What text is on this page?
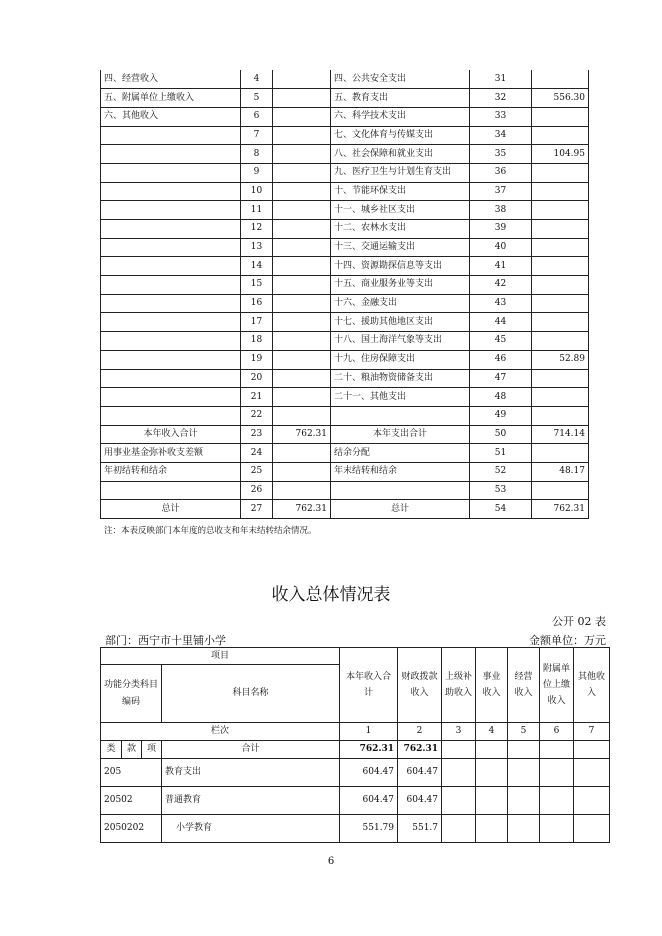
四、经营收入	4		四、公共安全支出	31	
五、附属单位上缴收入	5		五、教育支出	32	556.30
六、其他收入	6		六、科学技术支出	33	
	7		七、文化体育与传媒支出	34	
	8		八、社会保障和就业支出	35	104.95
	9		九、医疗卫生与计划生育支出	36	
	10		十、节能环保支出	37	
	11		十一、城乡社区支出	38	
	12		十二、农林水支出	39	
	13		十三、交通运输支出	40	
	14		十四、资源勘探信息等支出	41	
	15		十五、商业服务业等支出	42	
	16		十六、金融支出	43	
	17		十七、援助其他地区支出	44	
	18		十八、国土海洋气象等支出	45	
	19		十九、住房保障支出	46	52.89
	20		二十、粮油物资储备支出	47	
	21		二十一、其他支出	48	
	22			49	
本年收入合计	23	762.31	本年支出合计	50	714.14
用事业基金弥补收支差额	24		结余分配	51	
年初结转和结余	25		年末结转和结余	52	48.17
	26			53	
总计	27	762.31	总计	54	762.31
注：本表反映部门本年度的总收支和年末结转结余情况。
收入总体情况表
公开 02 表
部门：西宁市十里铺小学	金额单位：万元
项目				本年收入合计	财政拨款收入	上级补助收入	事业收入	经营收入	附属单位上缴收入	其他收入
功能分类科目编码			科目名称							
栏次				1	2	3	4	5	6	7
类	款	项	合计	762.31	762.31					
205			教育支出	604.47	604.47					
20502			普通教育	604.47	604.47					
2050202			小学教育	551.79	551.7					
6
